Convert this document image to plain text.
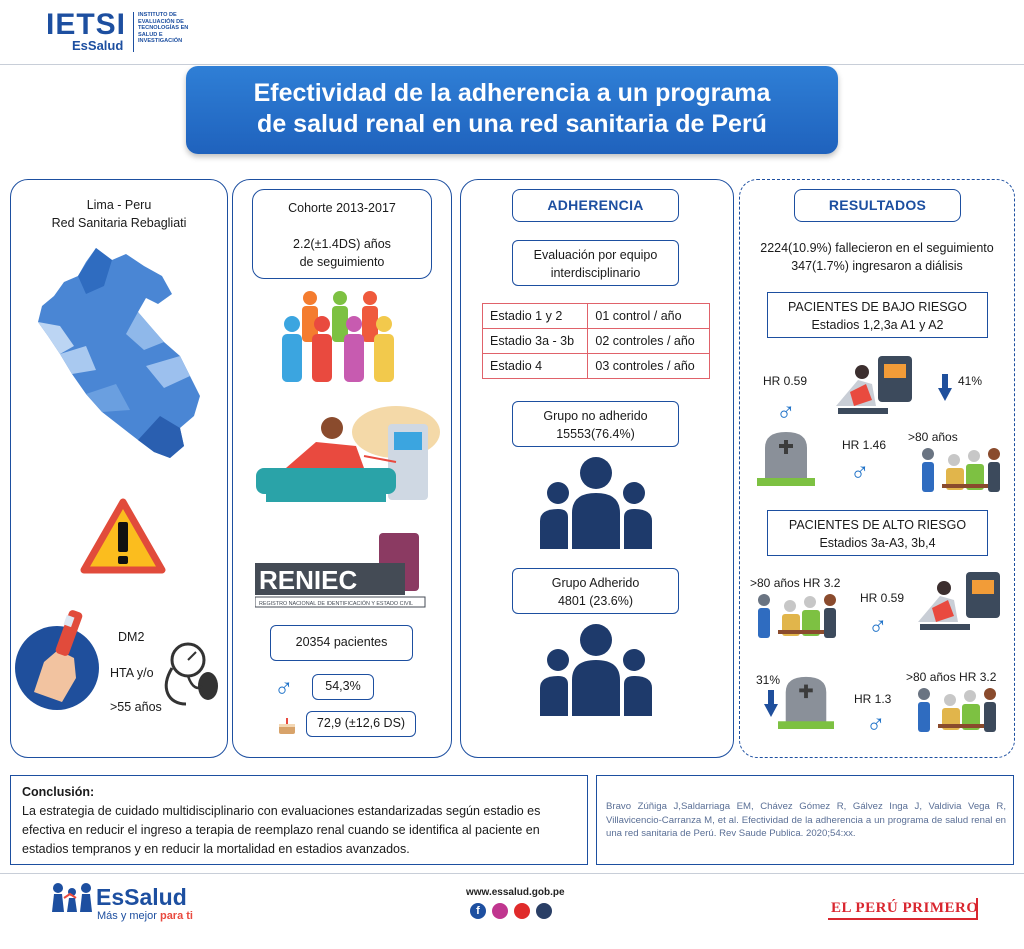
IETSI
EsSalud
INSTITUTO DE EVALUACIÓN DE TECNOLOGÍAS EN SALUD E INVESTIGACIÓN
Efectividad de la adherencia a un programa
de salud renal en una red sanitaria de Perú
Lima - Peru
Red Sanitaria Rebagliati
DM2
HTA y/o
>55 años
Cohorte 2013-2017
2.2(±1.4DS) años
de seguimiento
RENIEC
REGISTRO NACIONAL DE IDENTIFICACIÓN Y ESTADO CIVIL
20354 pacientes
♂	54,3%
72,9 (±12,6 DS)
ADHERENCIA
Evaluación por equipo
interdisciplinario
Estadio 1 y 2	01 control / año
Estadio 3a - 3b	02 controles / año
Estadio 4	03 controles / año
Grupo no adherido
15553(76.4%)
Grupo Adherido
4801 (23.6%)
RESULTADOS
2224(10.9%) fallecieron en el seguimiento
347(1.7%) ingresaron a diálisis
PACIENTES DE BAJO RIESGO
Estadios 1,2,3a A1 y A2
HR 0.59
♂
41%
HR 1.46
♂
>80 años
PACIENTES DE ALTO RIESGO
Estadios 3a-A3, 3b,4
>80 años HR 3.2
HR 0.59
♂
31%
HR 1.3
♂
>80 años HR 3.2
Conclusión:
La estrategia de cuidado multidisciplinario con evaluaciones estandarizadas según estadio es efectiva en reducir el ingreso a terapia de reemplazo renal cuando se identifica al paciente en estadios tempranos y en reducir la mortalidad en estadios avanzados.
Bravo Zúñiga J,Saldarriaga EM, Chávez Gómez R, Gálvez Inga J, Valdivia Vega R, Villavicencio-Carranza M, et al. Efectividad de la adherencia a un programa de salud renal en una red sanitaria de Perú. Rev Saude Publica. 2020;54:xx.
EsSalud
Más y mejor para ti
www.essalud.gob.pe
f	EL PERÚ PRIMERO
